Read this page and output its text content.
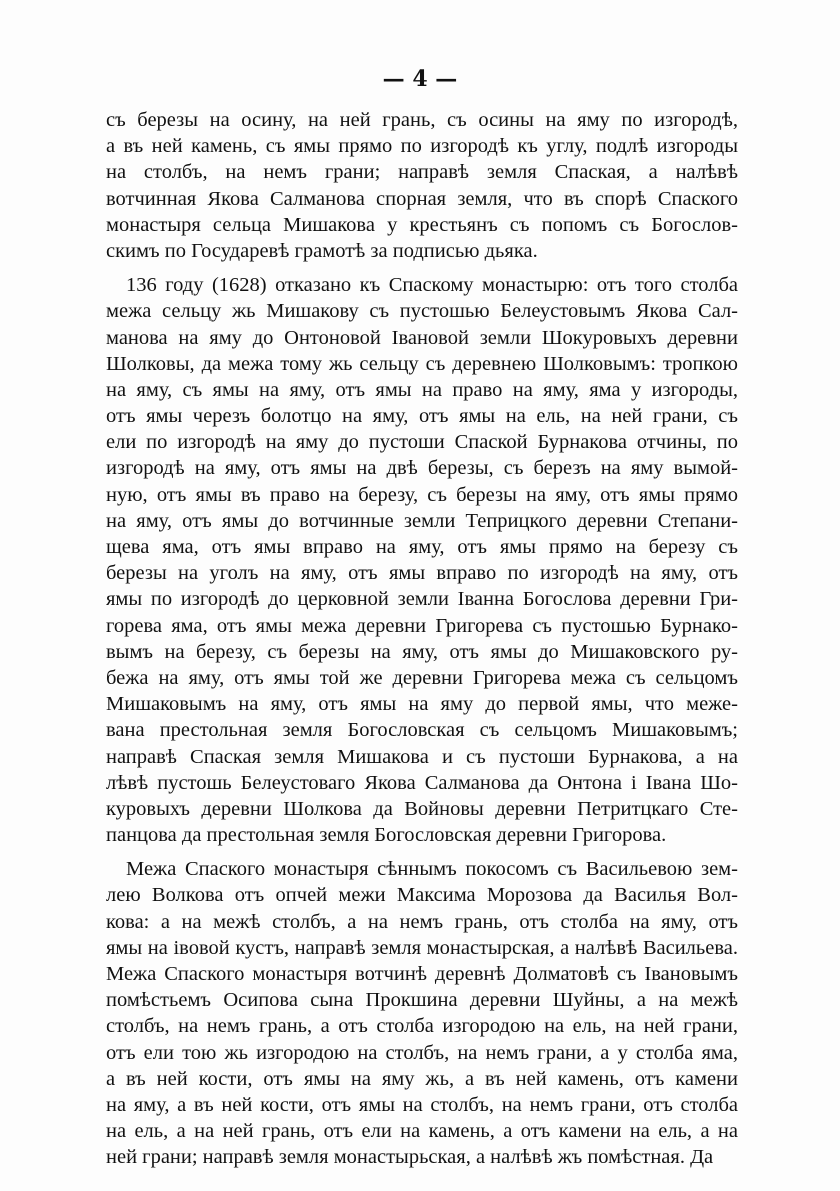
— 4 —
съ березы на осину, на ней грань, съ осины на яму по изгородѣ,
а въ ней камень, съ ямы прямо по изгородѣ къ углу, подлѣ изгороды
на столбъ, на немъ грани; направѣ земля Спаская, а налѣвѣ
вотчинная Якова Салманова спорная земля, что въ спорѣ Спаского
монастыря сельца Мишакова у крестьянъ съ попомъ съ Богослов-
скимъ по Государевѣ грамотѣ за подписью дьяка.
136 году (1628) отказано къ Спаскому монастырю: отъ того столба
межа сельцу жь Мишакову съ пустошью Белеустовымъ Якова Сал-
манова на яму до Онтоновой Івановой земли Шокуровыхъ деревни
Шолковы, да межа тому жь сельцу съ деревнею Шолковымъ: тропкою
на яму, съ ямы на яму, отъ ямы на право на яму, яма у изгороды,
отъ ямы черезъ болотцо на яму, отъ ямы на ель, на ней грани, съ
ели по изгородѣ на яму до пустоши Спаской Бурнакова отчины, по
изгородѣ на яму, отъ ямы на двѣ березы, съ березъ на яму вымой-
ную, отъ ямы въ право на березу, съ березы на яму, отъ ямы прямо
на яму, отъ ямы до вотчинные земли Теприцкого деревни Степани-
щева яма, отъ ямы вправо на яму, отъ ямы прямо на березу съ
березы на уголъ на яму, отъ ямы вправо по изгородѣ на яму, отъ
ямы по изгородѣ до церковной земли Іванна Богослова деревни Гри-
горева яма, отъ ямы межа деревни Григорева съ пустошью Бурнако-
вымъ на березу, съ березы на яму, отъ ямы до Мишаковского ру-
бежа на яму, отъ ямы той же деревни Григорева межа съ сельцомъ
Мишаковымъ на яму, отъ ямы на яму до первой ямы, что меже-
вана престольная земля Богословская съ сельцомъ Мишаковымъ;
направѣ Спаская земля Мишакова и съ пустоши Бурнакова, а на
лѣвѣ пустошь Белеустоваго Якова Салманова да Онтона і Івана Шо-
куровыхъ деревни Шолкова да Войновы деревни Петритцкаго Сте-
панцова да престольная земля Богословская деревни Григорова.
Межа Спаского монастыря сѣннымъ покосомъ съ Васильевою зем-
лею Волкова отъ опчей межи Максима Морозова да Василья Вол-
кова: а на межѣ столбъ, а на немъ грань, отъ столба на яму, отъ
ямы на івовой кустъ, направѣ земля монастырская, а налѣвѣ Васильева.
Межа Спаского монастыря вотчинѣ деревнѣ Долматовѣ съ Івановымъ
помѣстьемъ Осипова сына Прокшина деревни Шуйны, а на межѣ
столбъ, на немъ грань, а отъ столба изгородою на ель, на ней грани,
отъ ели тою жь изгородою на столбъ, на немъ грани, а у столба яма,
а въ ней кости, отъ ямы на яму жь, а въ ней камень, отъ камени
на яму, а въ ней кости, отъ ямы на столбъ, на немъ грани, отъ столба
на ель, а на ней грань, отъ ели на камень, а отъ камени на ель, а на
ней грани; направѣ земля монастырьская, а налѣвѣ жъ помѣстная. Да
